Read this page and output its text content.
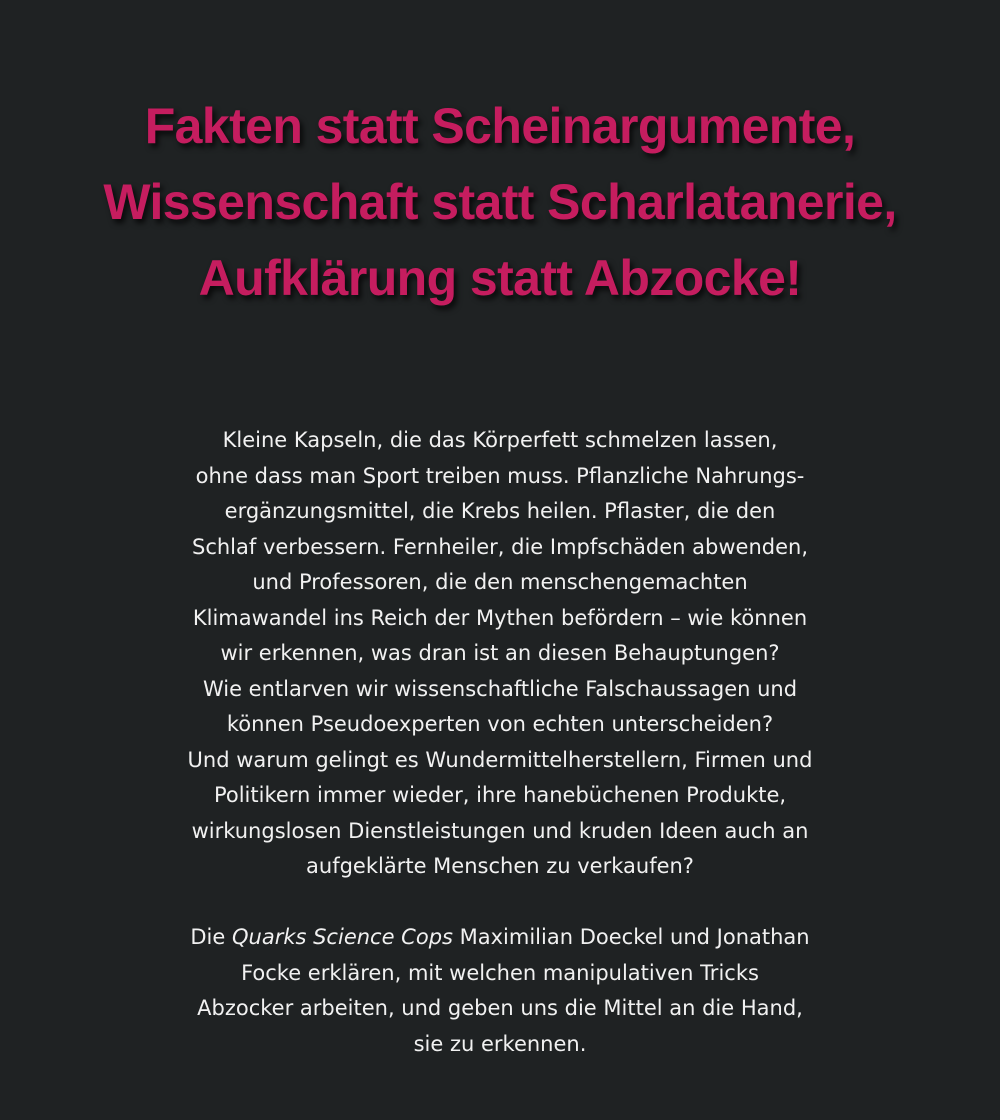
Fakten statt Scheinargumente,
Wissenschaft statt Scharlatanerie,
Aufklärung statt Abzocke!

Kleine Kapseln, die das Körperfett schmelzen lassen,
ohne dass man Sport treiben muss. Pflanzliche Nahrungs-
ergänzungsmittel, die Krebs heilen. Pflaster, die den
Schlaf verbessern. Fernheiler, die Impfschäden abwenden,
und Professoren, die den menschengemachten
Klimawandel ins Reich der Mythen befördern – wie können
wir erkennen, was dran ist an diesen Behauptungen?
Wie entlarven wir wissenschaftliche Falschaussagen und
können Pseudoexperten von echten unterscheiden?
Und warum gelingt es Wundermittelherstellern, Firmen und
Politikern immer wieder, ihre hanebüchenen Produkte,
wirkungslosen Dienstleistungen und kruden Ideen auch an
aufgeklärte Menschen zu verkaufen?

Die Quarks Science Cops Maximilian Doeckel und Jonathan
Focke erklären, mit welchen manipulativen Tricks
Abzocker arbeiten, und geben uns die Mittel an die Hand,
sie zu erkennen.
